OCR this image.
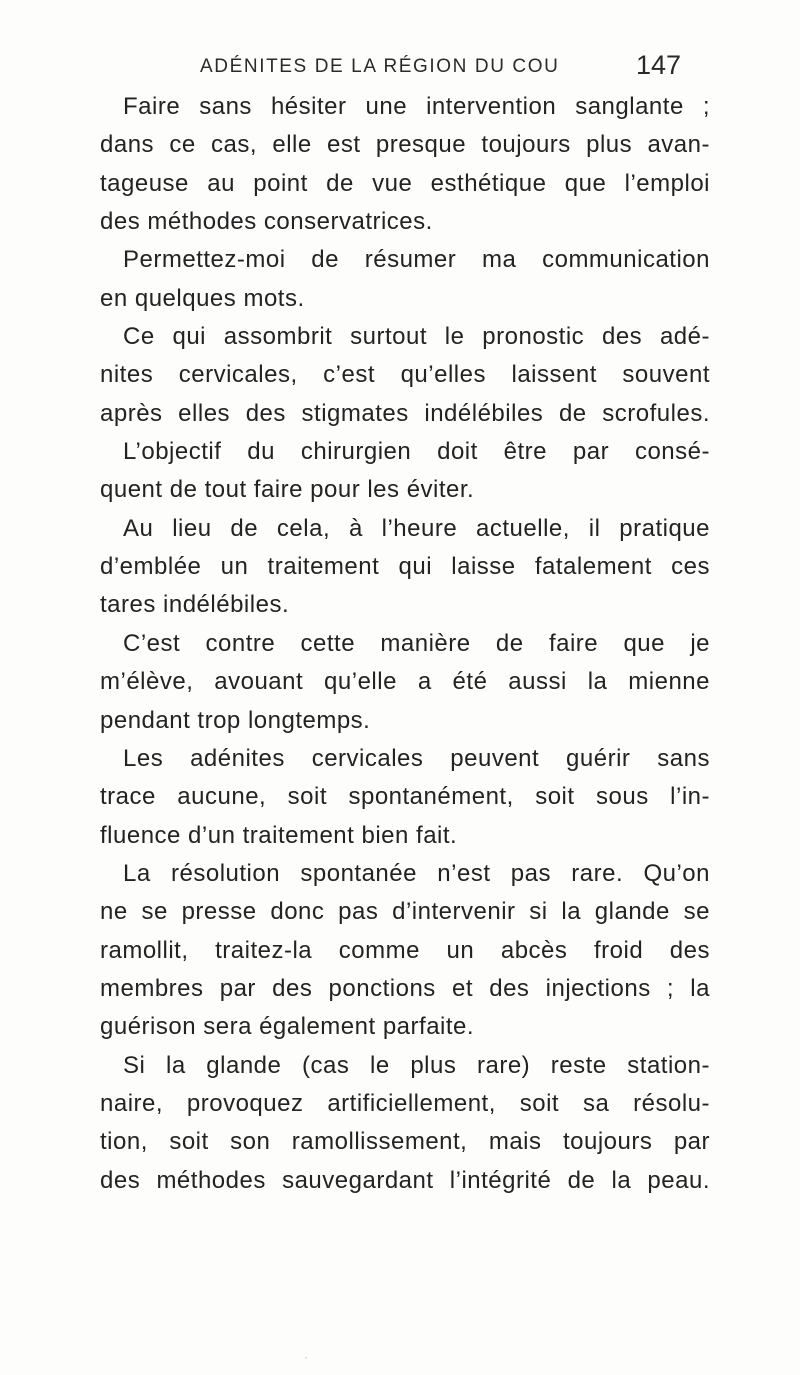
ADÉNITES DE LA RÉGION DU COU	147
Faire sans hésiter une intervention sanglante ;
dans ce cas, elle est presque toujours plus avan-
tageuse au point de vue esthétique que l’emploi
des méthodes conservatrices.
Permettez-moi de résumer ma communication
en quelques mots.
Ce qui assombrit surtout le pronostic des adé-
nites cervicales, c’est qu’elles laissent souvent
après elles des stigmates indélébiles de scrofules.
L’objectif du chirurgien doit être par consé-
quent de tout faire pour les éviter.
Au lieu de cela, à l’heure actuelle, il pratique
d’emblée un traitement qui laisse fatalement ces
tares indélébiles.
C’est contre cette manière de faire que je
m’élève, avouant qu’elle a été aussi la mienne
pendant trop longtemps.
Les adénites cervicales peuvent guérir sans
trace aucune, soit spontanément, soit sous l’in-
fluence d’un traitement bien fait.
La résolution spontanée n’est pas rare. Qu’on
ne se presse donc pas d’intervenir si la glande se
ramollit, traitez-la comme un abcès froid des
membres par des ponctions et des injections ; la
guérison sera également parfaite.
Si la glande (cas le plus rare) reste station-
naire, provoquez artificiellement, soit sa résolu-
tion, soit son ramollissement, mais toujours par
des méthodes sauvegardant l’intégrité de la peau.
·
